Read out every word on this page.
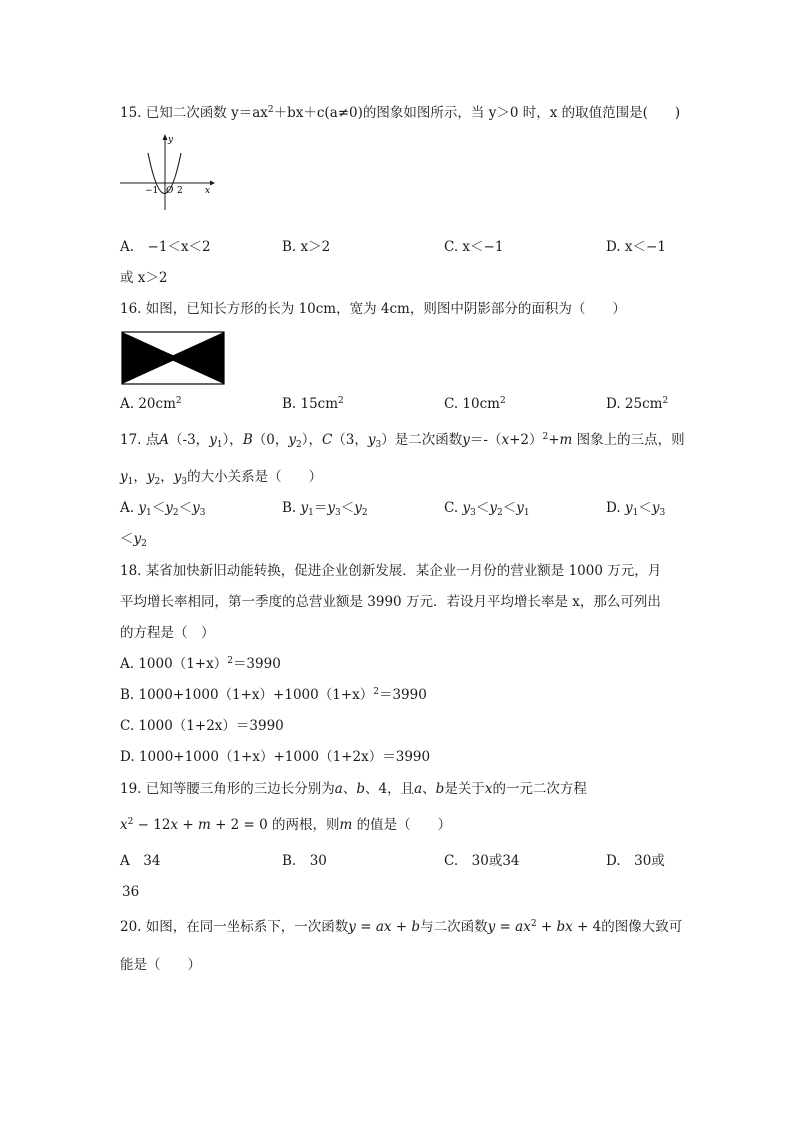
15. 已知二次函数 $y=ax^2+bx+c(a\ne 0)$的图象如图所示，当 y＞0 时，x 的取值范围是(　　)
y
x
−1 O 2
A.　−1＜x＜2	B. x＞2	C. x＜−1	D. x＜−1
或 x＞2
16. 如图，已知长方形的长为 10cm，宽为 4cm，则图中阴影部分的面积为（　　）
A. $20cm^2$	B. $15cm^2$	C. $10cm^2$	D. $25cm^2$
17. 点A（-3，$y_1$），B（0，$y_2$），C（3，$y_3$）是二次函数$y=-(x+2)^2+m$ 图象上的三点，则
$y_1$，$y_2$，$y_3$的大小关系是（　　）
A. $y_1<y_2<y_3$	B. $y_1=y_3<y_2$	C. $y_3<y_2<y_1$	D. $y_1<y_3$
$<y_2$
18. 某省加快新旧动能转换，促进企业创新发展．某企业一月份的营业额是 1000 万元，月
平均增长率相同，第一季度的总营业额是 3990 万元．若设月平均增长率是 x，那么可列出
的方程是（　）
A. $1000(1+x)^2=3990$
B. $1000+1000(1+x)+1000(1+x)^2=3990$
C. 1000（1+2x）＝3990
D. 1000+1000（1+x）+1000（1+2x）＝3990
19. 已知等腰三角形的三边长分别为a、b、4，且a、b是关于x的一元二次方程
$x^2 - 12x + m + 2 = 0$ 的两根，则m 的值是（　　）
A　34	B.　30	C.　30或34	D.　30或
36
20. 如图，在同一坐标系下，一次函数y = ax + b与二次函数$y = ax^2$ + bx + 4的图像大致可
能是（　　）
